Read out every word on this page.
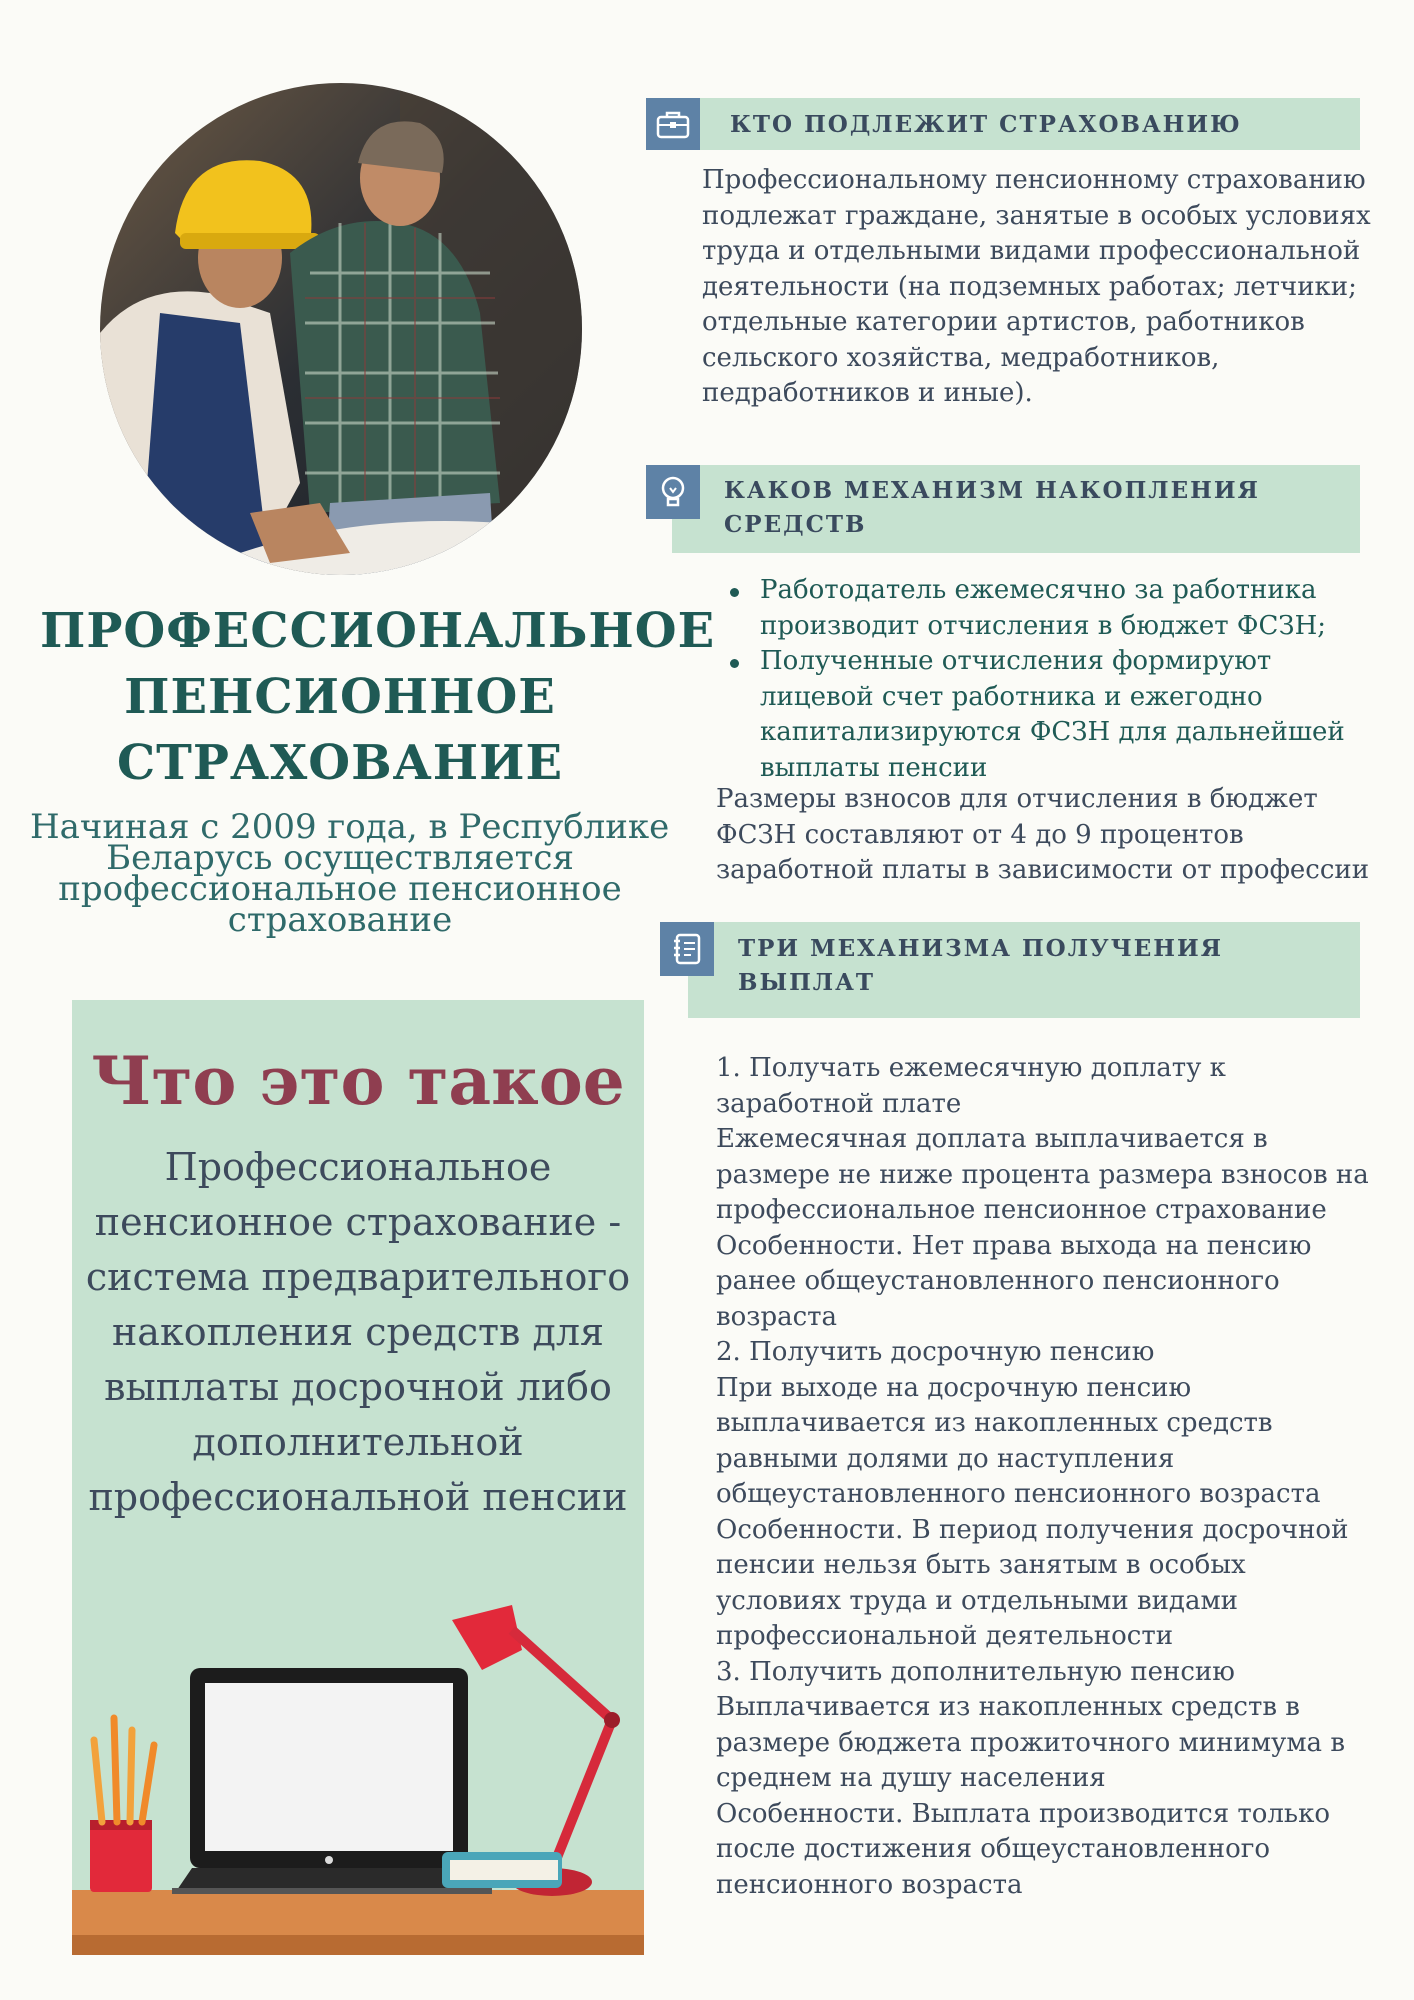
ПРОФЕССИОНАЛЬНОЕ
ПЕНСИОННОЕ
СТРАХОВАНИЕ
Начиная с 2009 года, в Республике
Беларусь осуществляется
профессиональное пенсионное
страхование
Что это такое
Профессиональное
пенсионное страхование -
система предварительного
накопления средств для
выплаты досрочной либо
дополнительной
профессиональной пенсии
КТО ПОДЛЕЖИТ СТРАХОВАНИЮ
Профессиональному пенсионному страхованию
подлежат граждане, занятые в особых условиях
труда и отдельными видами профессиональной
деятельности (на подземных работах; летчики;
отдельные категории артистов, работников
сельского хозяйства, медработников,
педработников и иные).
КАКОВ МЕХАНИЗМ НАКОПЛЕНИЯ
СРЕДСТВ
Работодатель ежемесячно за работника
производит отчисления в бюджет ФСЗН;
Полученные отчисления формируют
лицевой счет работника и ежегодно
капитализируются ФСЗН для дальнейшей
выплаты пенсии
Размеры взносов для отчисления в бюджет
ФСЗН составляют от 4 до 9 процентов
заработной платы в зависимости от профессии
ТРИ МЕХАНИЗМА ПОЛУЧЕНИЯ
ВЫПЛАТ
1. Получать ежемесячную доплату к
заработной плате
Ежемесячная доплата выплачивается в
размере не ниже процента размера взносов на
профессиональное пенсионное страхование
Особенности. Нет права выхода на пенсию
ранее общеустановленного пенсионного
возраста
2. Получить досрочную пенсию
При выходе на досрочную пенсию
выплачивается из накопленных средств
равными долями до наступления
общеустановленного пенсионного возраста
Особенности. В период получения досрочной
пенсии нельзя быть занятым в особых
условиях труда и отдельными видами
профессиональной деятельности
3. Получить дополнительную пенсию
Выплачивается из накопленных средств в
размере бюджета прожиточного минимума в
среднем на душу населения
Особенности. Выплата производится только
после достижения общеустановленного
пенсионного возраста
